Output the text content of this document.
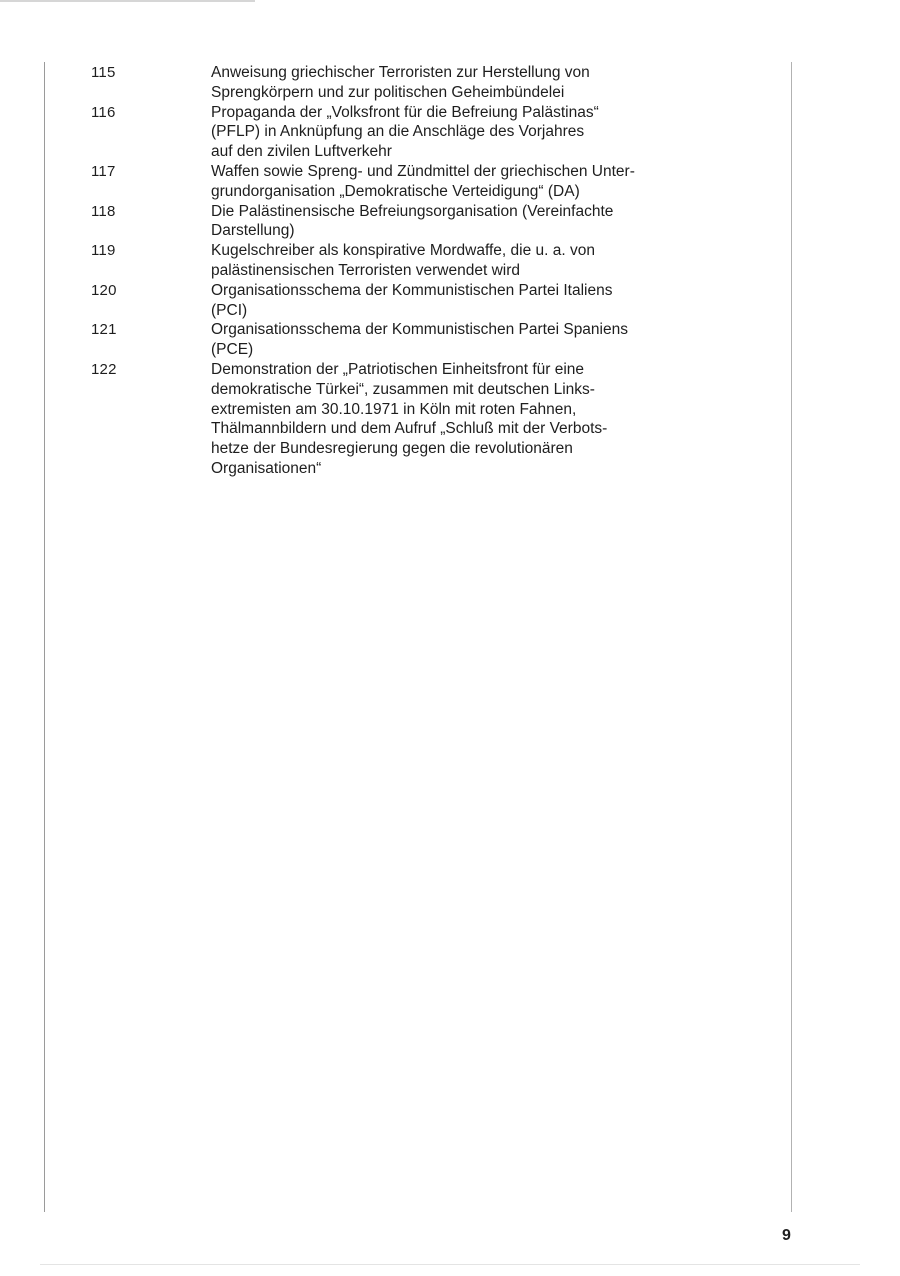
115	Anweisung griechischer Terroristen zur Herstellung von
Sprengkörpern und zur politischen Geheimbündelei
116	Propaganda der „Volksfront für die Befreiung Palästinas“
(PFLP) in Anknüpfung an die Anschläge des Vorjahres
auf den zivilen Luftverkehr
117	Waffen sowie Spreng- und Zündmittel der griechischen Unter-
grundorganisation „Demokratische Verteidigung“ (DA)
118	Die Palästinensische Befreiungsorganisation (Vereinfachte
Darstellung)
119	Kugelschreiber als konspirative Mordwaffe, die u. a. von
palästinensischen Terroristen verwendet wird
120	Organisationsschema der Kommunistischen Partei Italiens
(PCI)
121	Organisationsschema der Kommunistischen Partei Spaniens
(PCE)
122	Demonstration der „Patriotischen Einheitsfront für eine
demokratische Türkei“, zusammen mit deutschen Links-
extremisten am 30.10.1971 in Köln mit roten Fahnen,
Thälmannbildern und dem Aufruf „Schluß mit der Verbots-
hetze der Bundesregierung gegen die revolutionären
Organisationen“
9
